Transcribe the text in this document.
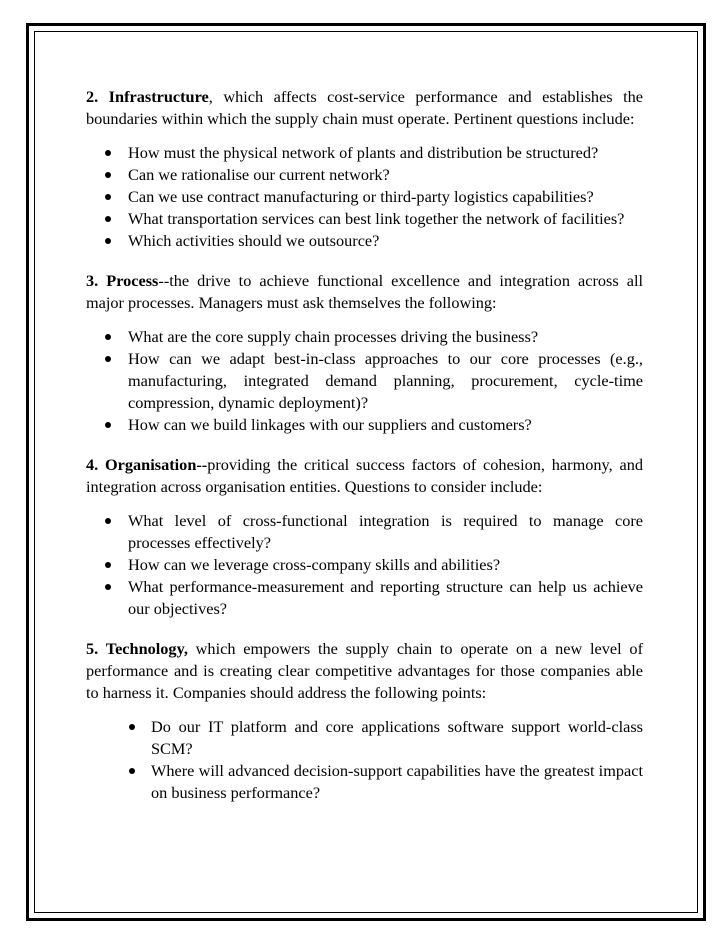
2. Infrastructure, which affects cost-service performance and establishes the boundaries within which the supply chain must operate. Pertinent questions include:

How must the physical network of plants and distribution be structured?
Can we rationalise our current network?
Can we use contract manufacturing or third-party logistics capabilities?
What transportation services can best link together the network of facilities?
Which activities should we outsource?

3. Process--the drive to achieve functional excellence and integration across all major processes. Managers must ask themselves the following:

What are the core supply chain processes driving the business?
How can we adapt best-in-class approaches to our core processes (e.g., manufacturing, integrated demand planning, procurement, cycle-time compression, dynamic deployment)?
How can we build linkages with our suppliers and customers?

4. Organisation--providing the critical success factors of cohesion, harmony, and integration across organisation entities. Questions to consider include:

What level of cross-functional integration is required to manage core processes effectively?
How can we leverage cross-company skills and abilities?
What performance-measurement and reporting structure can help us achieve our objectives?

5. Technology, which empowers the supply chain to operate on a new level of performance and is creating clear competitive advantages for those companies able to harness it. Companies should address the following points:

Do our IT platform and core applications software support world-class SCM?
Where will advanced decision-support capabilities have the greatest impact on business performance?
